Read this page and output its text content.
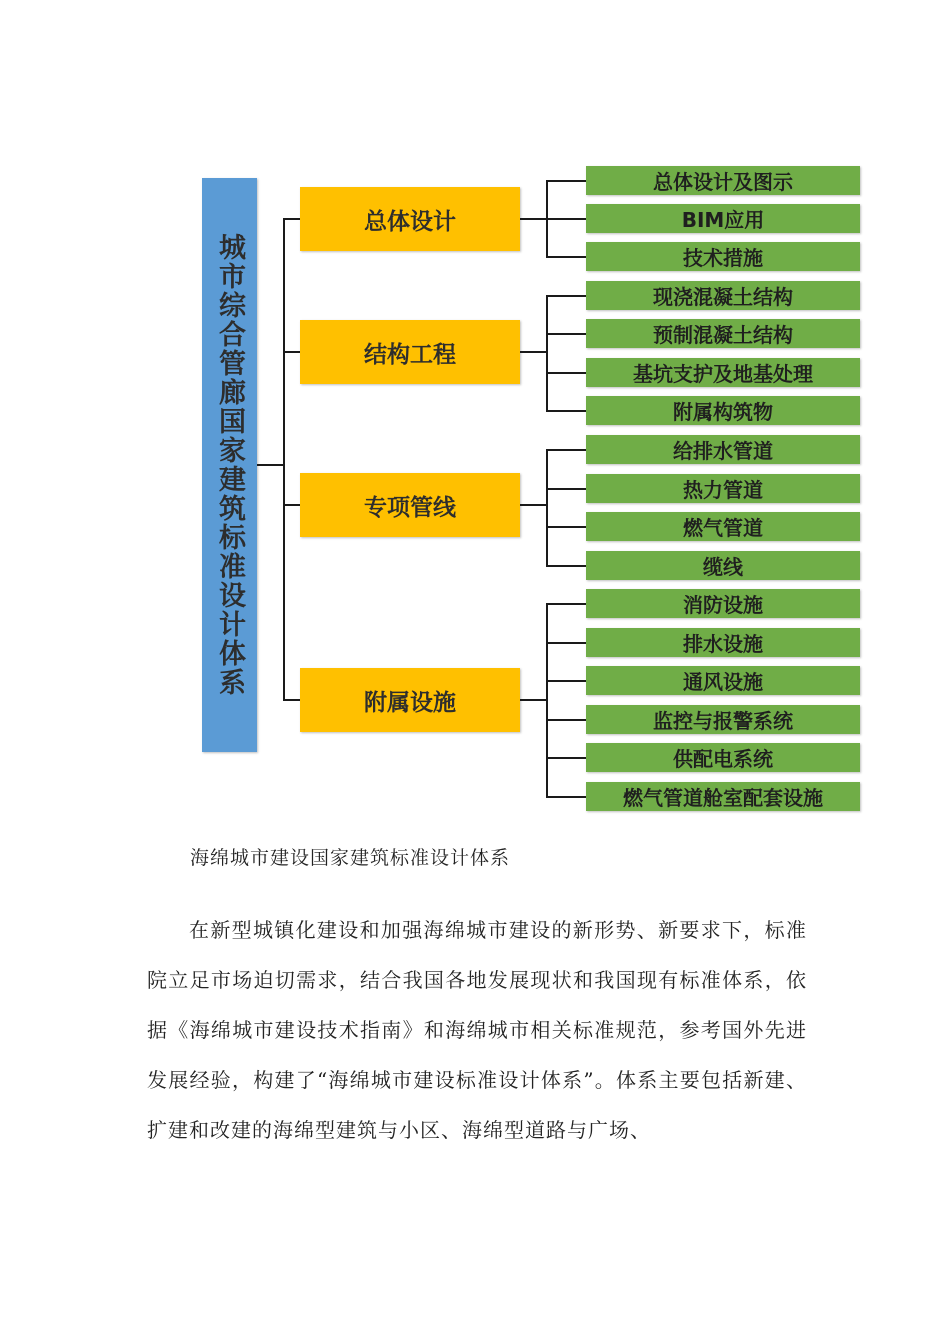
城市综合管廊国家建筑标准设计体系
总体设计
结构工程
专项管线
附属设施
总体设计及图示
BIM应用
技术措施
现浇混凝土结构
预制混凝土结构
基坑支护及地基处理
附属构筑物
给排水管道
热力管道
燃气管道
缆线
消防设施
排水设施
通风设施
监控与报警系统
供配电系统
燃气管道舱室配套设施
海绵城市建设国家建筑标准设计体系

在新型城镇化建设和加强海绵城市建设的新形势、新要求下，标准院立足市场迫切需求，结合我国各地发展现状和我国现有标准体系，依据《海绵城市建设技术指南》和海绵城市相关标准规范，参考国外先进发展经验，构建了“海绵城市建设标准设计体系”。体系主要包括新建、扩建和改建的海绵型建筑与小区、海绵型道路与广场、
